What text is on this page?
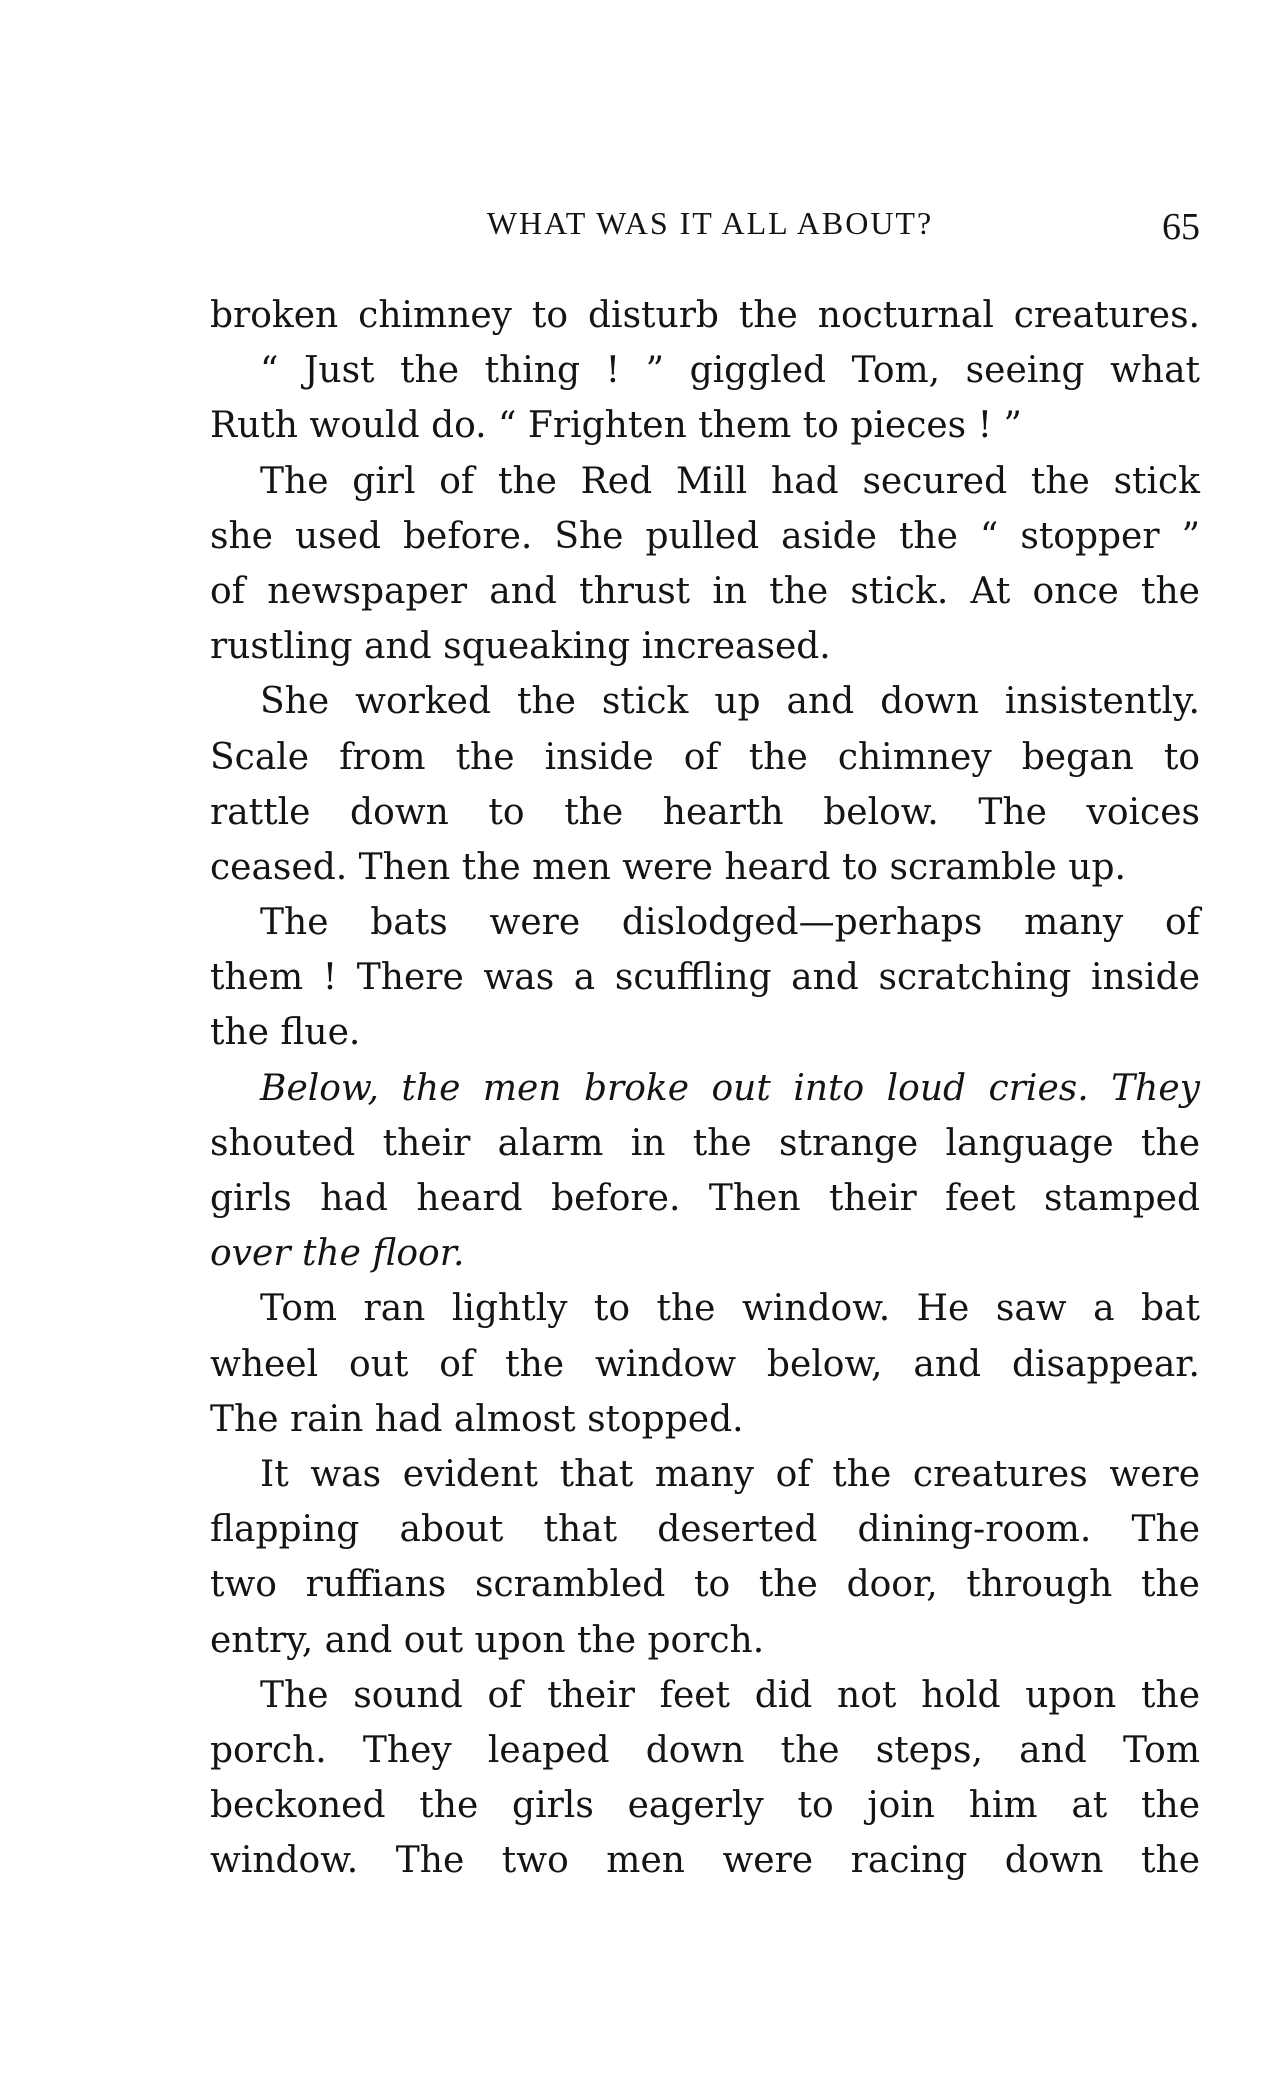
WHAT WAS IT ALL ABOUT?	65
broken chimney to disturb the nocturnal creatures.
“ Just the thing ! ” giggled Tom, seeing what
Ruth would do. “ Frighten them to pieces ! ”
The girl of the Red Mill had secured the stick
she used before. She pulled aside the “ stopper ”
of newspaper and thrust in the stick. At once the
rustling and squeaking increased.
She worked the stick up and down insistently.
Scale from the inside of the chimney began to
rattle down to the hearth below. The voices
ceased. Then the men were heard to scramble up.
The bats were dislodged—perhaps many of
them ! There was a scuffling and scratching inside
the flue.
Below, the men broke out into loud cries. They
shouted their alarm in the strange language the
girls had heard before. Then their feet stamped
over the floor.
Tom ran lightly to the window. He saw a bat
wheel out of the window below, and disappear.
The rain had almost stopped.
It was evident that many of the creatures were
flapping about that deserted dining-room. The
two ruffians scrambled to the door, through the
entry, and out upon the porch.
The sound of their feet did not hold upon the
porch. They leaped down the steps, and Tom
beckoned the girls eagerly to join him at the
window. The two men were racing down the
